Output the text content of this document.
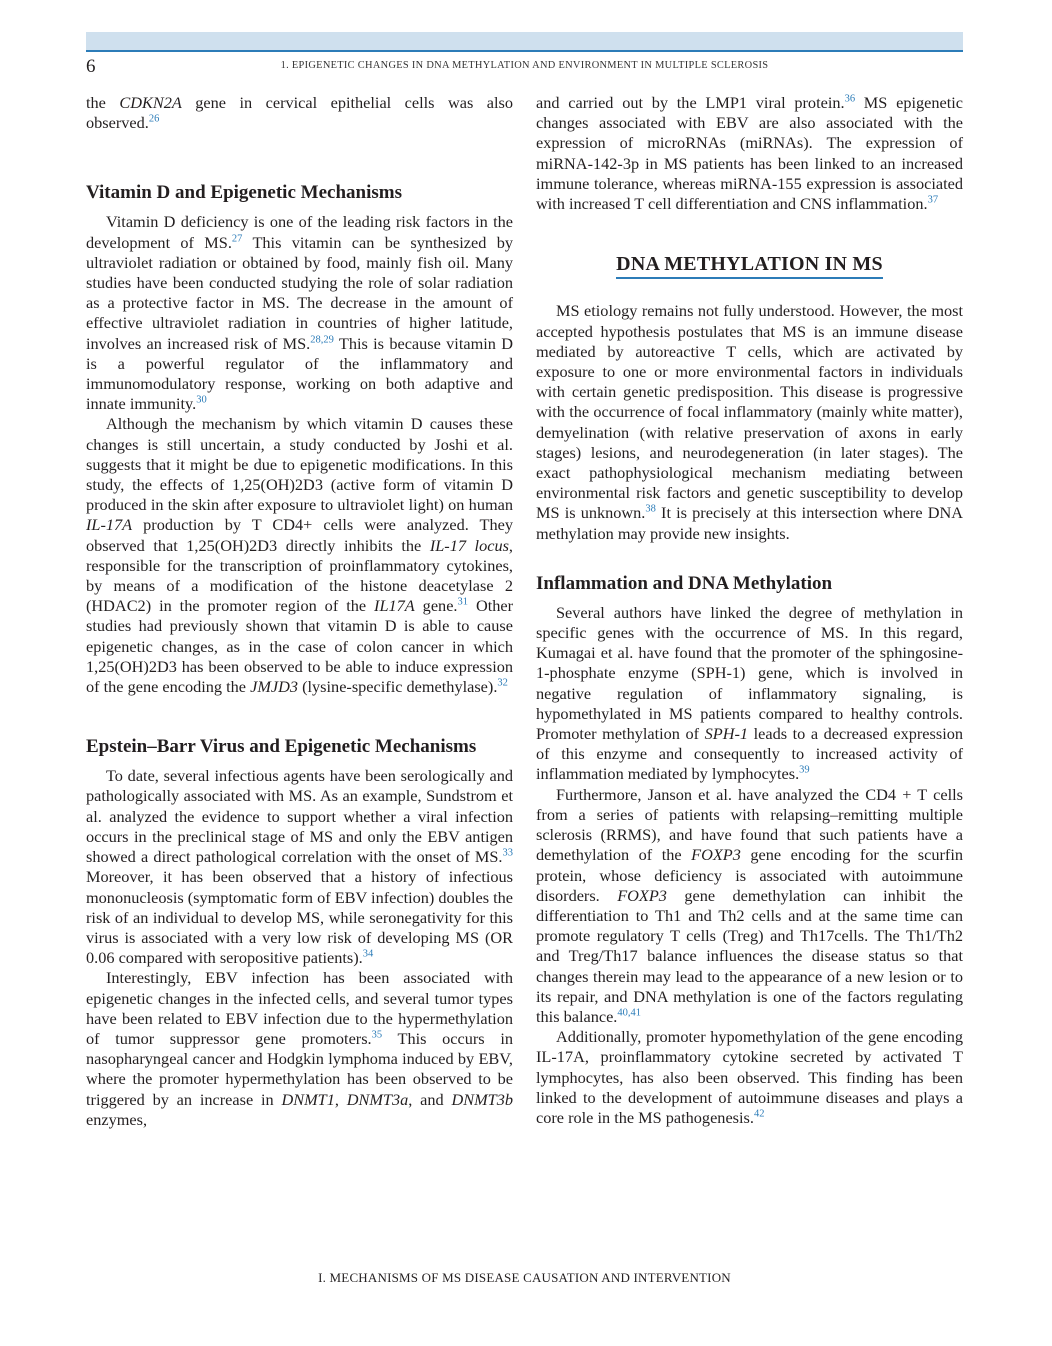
6	1. EPIGENETIC CHANGES IN DNA METHYLATION AND ENVIRONMENT IN MULTIPLE SCLEROSIS

the CDKN2A gene in cervical epithelial cells was also observed.$^{26}$

Vitamin D and Epigenetic Mechanisms

Vitamin D deficiency is one of the leading risk factors in the development of MS.$^{27}$ This vitamin can be synthesized by ultraviolet radiation or obtained by food, mainly fish oil. Many studies have been conducted studying the role of solar radiation as a protective factor in MS. The decrease in the amount of effective ultraviolet radiation in countries of higher latitude, involves an increased risk of MS.$^{28,29}$ This is because vitamin D is a powerful regulator of the inflammatory and immunomodulatory response, working on both adaptive and innate immunity.$^{30}$

Although the mechanism by which vitamin D causes these changes is still uncertain, a study conducted by Joshi et al. suggests that it might be due to epigenetic modifications. In this study, the effects of 1,25(OH)2D3 (active form of vitamin D produced in the skin after exposure to ultraviolet light) on human IL-17A production by T CD4+ cells were analyzed. They observed that 1,25(OH)2D3 directly inhibits the IL-17 locus, responsible for the transcription of proinflammatory cytokines, by means of a modification of the histone deacetylase 2 (HDAC2) in the promoter region of the IL17A gene.$^{31}$ Other studies had previously shown that vitamin D is able to cause epigenetic changes, as in the case of colon cancer in which 1,25(OH)2D3 has been observed to be able to induce expression of the gene encoding the JMJD3 (lysine-specific demethylase).$^{32}$

Epstein–Barr Virus and Epigenetic Mechanisms

To date, several infectious agents have been serologically and pathologically associated with MS. As an example, Sundstrom et al. analyzed the evidence to support whether a viral infection occurs in the preclinical stage of MS and only the EBV antigen showed a direct pathological correlation with the onset of MS.$^{33}$ Moreover, it has been observed that a history of infectious mononucleosis (symptomatic form of EBV infection) doubles the risk of an individual to develop MS, while seronegativity for this virus is associated with a very low risk of developing MS (OR 0.06 compared with seropositive patients).$^{34}$

Interestingly, EBV infection has been associated with epigenetic changes in the infected cells, and several tumor types have been related to EBV infection due to the hypermethylation of tumor suppressor gene promoters.$^{35}$ This occurs in nasopharyngeal cancer and Hodgkin lymphoma induced by EBV, where the promoter hypermethylation has been observed to be triggered by an increase in DNMT1, DNMT3a, and DNMT3b enzymes,

and carried out by the LMP1 viral protein.$^{36}$ MS epigenetic changes associated with EBV are also associated with the expression of microRNAs (miRNAs). The expression of miRNA-142-3p in MS patients has been linked to an increased immune tolerance, whereas miRNA-155 expression is associated with increased T cell differentiation and CNS inflammation.$^{37}$

DNA METHYLATION IN MS

MS etiology remains not fully understood. However, the most accepted hypothesis postulates that MS is an immune disease mediated by autoreactive T cells, which are activated by exposure to one or more environmental factors in individuals with certain genetic predisposition. This disease is progressive with the occurrence of focal inflammatory (mainly white matter), demyelination (with relative preservation of axons in early stages) lesions, and neurodegeneration (in later stages). The exact pathophysiological mechanism mediating between environmental risk factors and genetic susceptibility to develop MS is unknown.$^{38}$ It is precisely at this intersection where DNA methylation may provide new insights.

Inflammation and DNA Methylation

Several authors have linked the degree of methylation in specific genes with the occurrence of MS. In this regard, Kumagai et al. have found that the promoter of the sphingosine-1-phosphate enzyme (SPH-1) gene, which is involved in negative regulation of inflammatory signaling, is hypomethylated in MS patients compared to healthy controls. Promoter methylation of SPH-1 leads to a decreased expression of this enzyme and consequently to increased activity of inflammation mediated by lymphocytes.$^{39}$

Furthermore, Janson et al. have analyzed the CD4 + T cells from a series of patients with relapsing–remitting multiple sclerosis (RRMS), and have found that such patients have a demethylation of the FOXP3 gene encoding for the scurfin protein, whose deficiency is associated with autoimmune disorders. FOXP3 gene demethylation can inhibit the differentiation to Th1 and Th2 cells and at the same time can promote regulatory T cells (Treg) and Th17cells. The Th1/Th2 and Treg/Th17 balance influences the disease status so that changes therein may lead to the appearance of a new lesion or to its repair, and DNA methylation is one of the factors regulating this balance.$^{40,41}$

Additionally, promoter hypomethylation of the gene encoding IL-17A, proinflammatory cytokine secreted by activated T lymphocytes, has also been observed. This finding has been linked to the development of autoimmune diseases and plays a core role in the MS pathogenesis.$^{42}$

I. MECHANISMS OF MS DISEASE CAUSATION AND INTERVENTION
